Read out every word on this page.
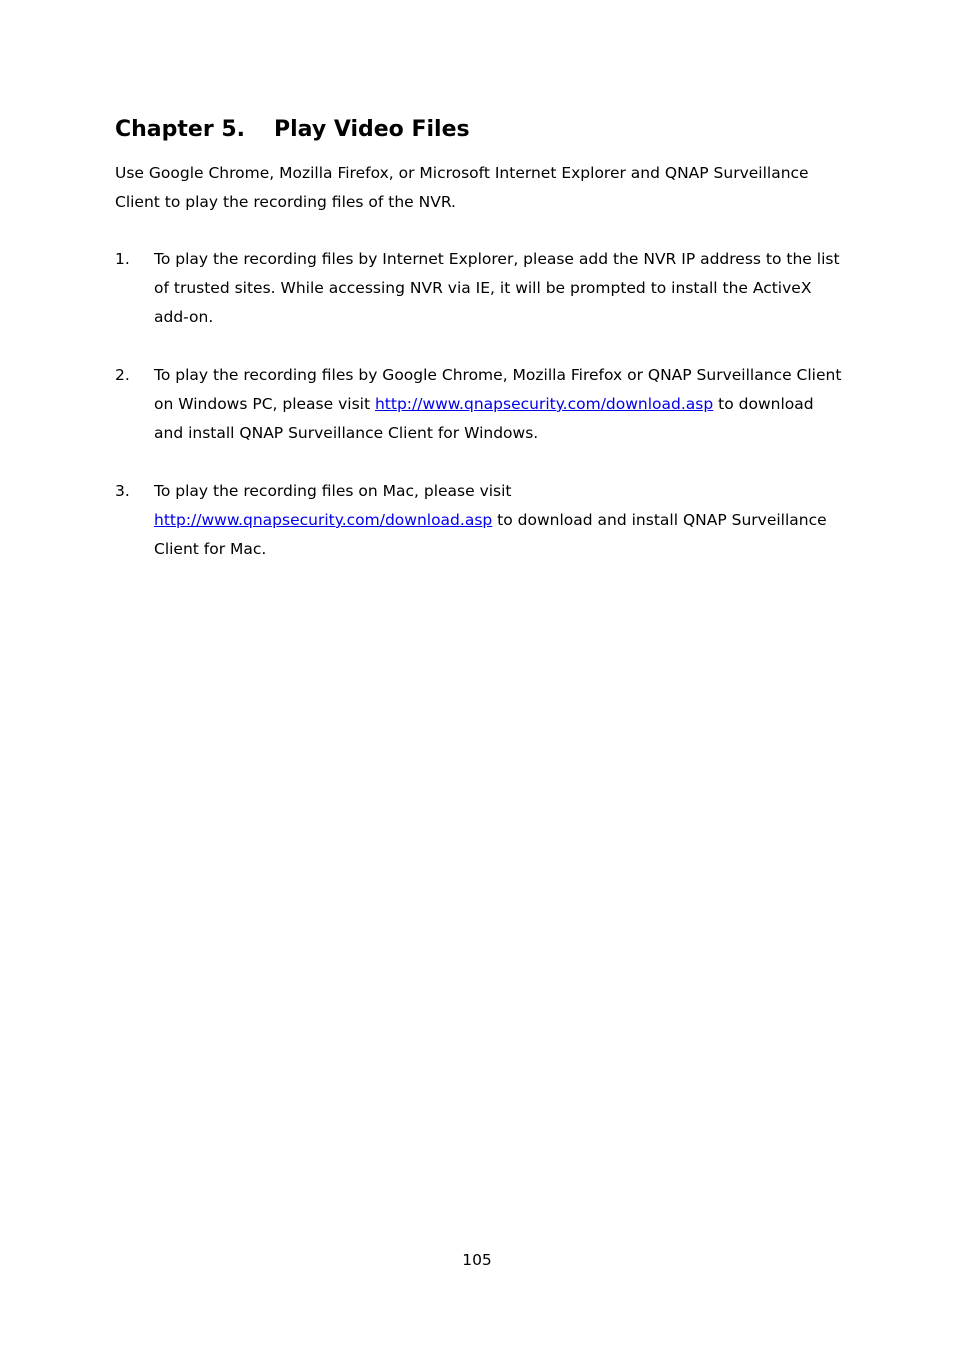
Chapter 5. Play Video Files

Use Google Chrome, Mozilla Firefox, or Microsoft Internet Explorer and QNAP Surveillance Client to play the recording files of the NVR.

1. To play the recording files by Internet Explorer, please add the NVR IP address to the list of trusted sites. While accessing NVR via IE, it will be prompted to install the ActiveX add-on.
2. To play the recording files by Google Chrome, Mozilla Firefox or QNAP Surveillance Client on Windows PC, please visit http://www.qnapsecurity.com/download.asp to download and install QNAP Surveillance Client for Windows.
3. To play the recording files on Mac, please visit http://www.qnapsecurity.com/download.asp to download and install QNAP Surveillance Client for Mac.
105
